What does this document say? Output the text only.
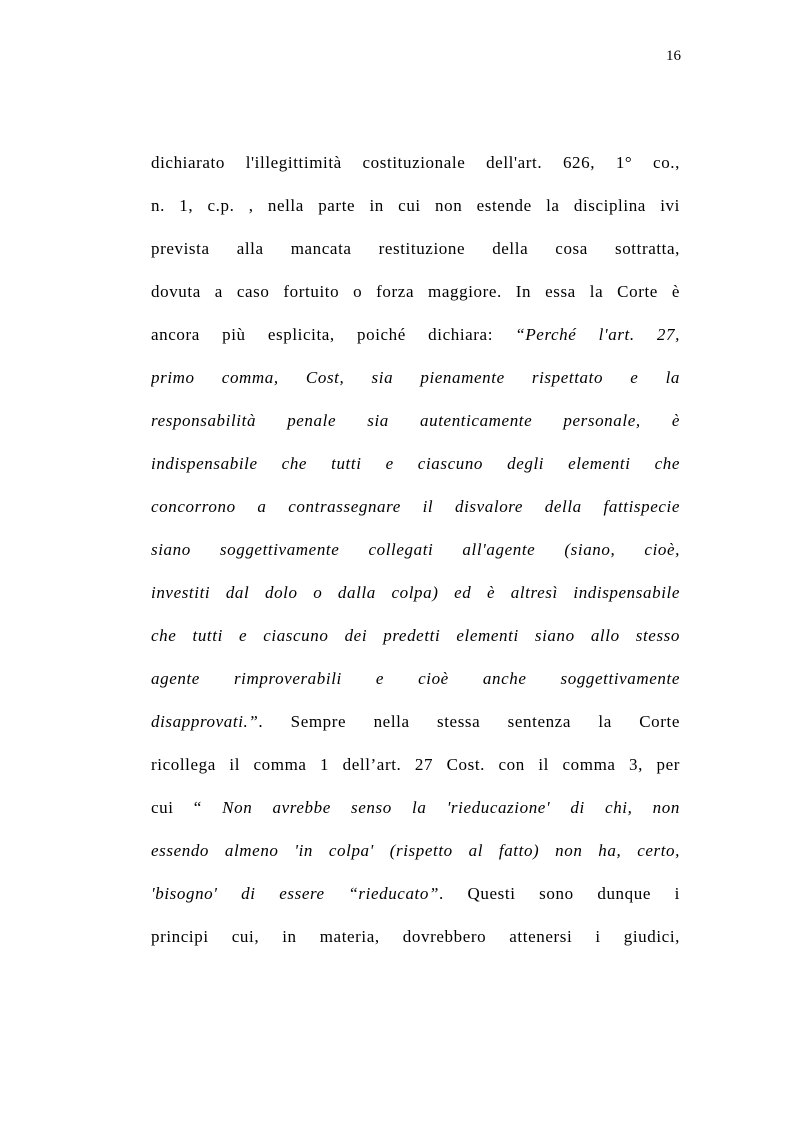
16
dichiarato l'illegittimità costituzionale dell'art. 626, 1° co.,
n. 1, c.p. , nella parte in cui non estende la disciplina ivi
prevista alla mancata restituzione della cosa sottratta,
dovuta a caso fortuito o forza maggiore. In essa la Corte è
ancora più esplicita, poiché dichiara: “Perché l'art. 27,
primo comma, Cost, sia pienamente rispettato e la
responsabilità penale sia autenticamente personale, è
indispensabile che tutti e ciascuno degli elementi che
concorrono a contrassegnare il disvalore della fattispecie
siano soggettivamente collegati all'agente (siano, cioè,
investiti dal dolo o dalla colpa) ed è altresì indispensabile
che tutti e ciascuno dei predetti elementi siano allo stesso
agente rimproverabili e cioè anche soggettivamente
disapprovati.”. Sempre nella stessa sentenza la Corte
ricollega il comma 1 dell’art. 27 Cost. con il comma 3, per
cui “ Non avrebbe senso la 'rieducazione' di chi, non
essendo almeno 'in colpa' (rispetto al fatto) non ha, certo,
'bisogno' di essere “rieducato”. Questi sono dunque i
principi cui, in materia, dovrebbero attenersi i giudici,
